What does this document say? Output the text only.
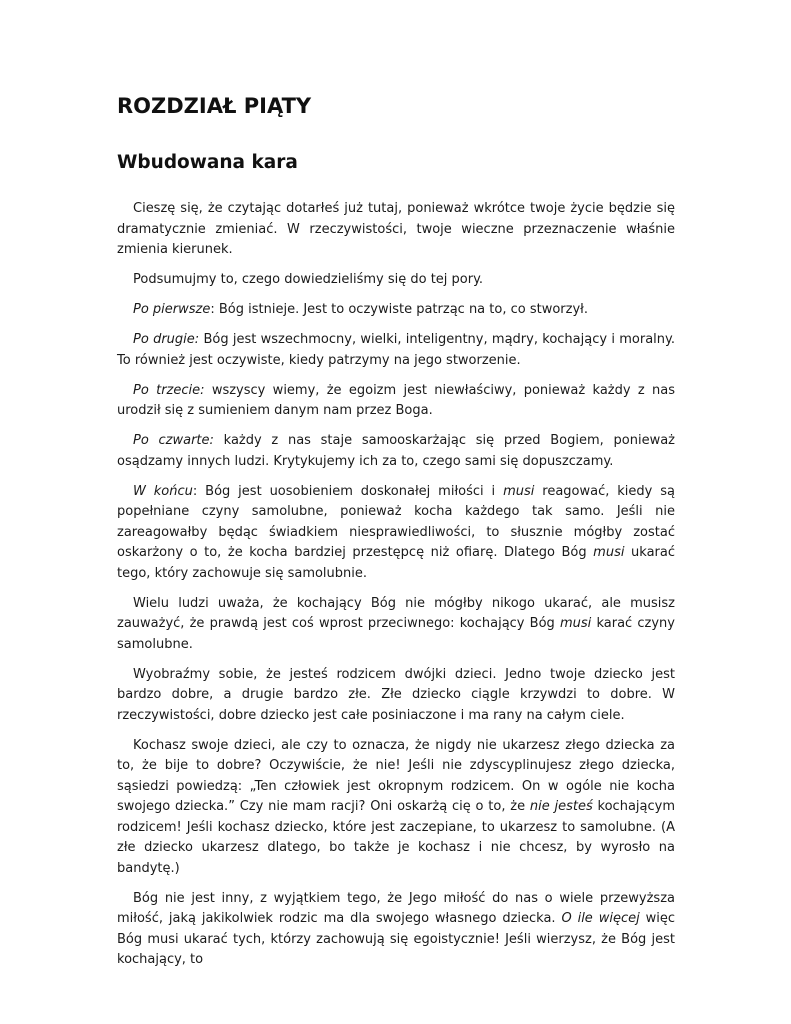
ROZDZIAŁ PIĄTY
Wbudowana kara

Cieszę się, że czytając dotarłeś już tutaj, ponieważ wkrótce twoje życie będzie się dramatycznie zmieniać. W rzeczywistości, twoje wieczne przeznaczenie właśnie zmienia kierunek.

Podsumujmy to, czego dowiedzieliśmy się do tej pory.

Po pierwsze: Bóg istnieje. Jest to oczywiste patrząc na to, co stworzył.

Po drugie: Bóg jest wszechmocny, wielki, inteligentny, mądry, kochający i moralny. To również jest oczywiste, kiedy patrzymy na jego stworzenie.

Po trzecie: wszyscy wiemy, że egoizm jest niewłaściwy, ponieważ każdy z nas urodził się z sumieniem danym nam przez Boga.

Po czwarte: każdy z nas staje samooskarżając się przed Bogiem, ponieważ osądzamy innych ludzi. Krytykujemy ich za to, czego sami się dopuszczamy.

W końcu: Bóg jest uosobieniem doskonałej miłości i musi reagować, kiedy są popełniane czyny samolubne, ponieważ kocha każdego tak samo. Jeśli nie zareagowałby będąc świadkiem niesprawiedliwości, to słusznie mógłby zostać oskarżony o to, że kocha bardziej przestępcę niż ofiarę. Dlatego Bóg musi ukarać tego, który zachowuje się samolubnie.

Wielu ludzi uważa, że kochający Bóg nie mógłby nikogo ukarać, ale musisz zauważyć, że prawdą jest coś wprost przeciwnego: kochający Bóg musi karać czyny samolubne.

Wyobraźmy sobie, że jesteś rodzicem dwójki dzieci. Jedno twoje dziecko jest bardzo dobre, a drugie bardzo złe. Złe dziecko ciągle krzywdzi to dobre. W rzeczywistości, dobre dziecko jest całe posiniaczone i ma rany na całym ciele.

Kochasz swoje dzieci, ale czy to oznacza, że nigdy nie ukarzesz złego dziecka za to, że bije to dobre? Oczywiście, że nie! Jeśli nie zdyscyplinujesz złego dziecka, sąsiedzi powiedzą: „Ten człowiek jest okropnym rodzicem. On w ogóle nie kocha swojego dziecka.” Czy nie mam racji? Oni oskarżą cię o to, że nie jesteś kochającym rodzicem! Jeśli kochasz dziecko, które jest zaczepiane, to ukarzesz to samolubne. (A złe dziecko ukarzesz dlatego, bo także je kochasz i nie chcesz, by wyrosło na bandytę.)

Bóg nie jest inny, z wyjątkiem tego, że Jego miłość do nas o wiele przewyższa miłość, jaką jakikolwiek rodzic ma dla swojego własnego dziecka. O ile więcej więc Bóg musi ukarać tych, którzy zachowują się egoistycznie! Jeśli wierzysz, że Bóg jest kochający, to
